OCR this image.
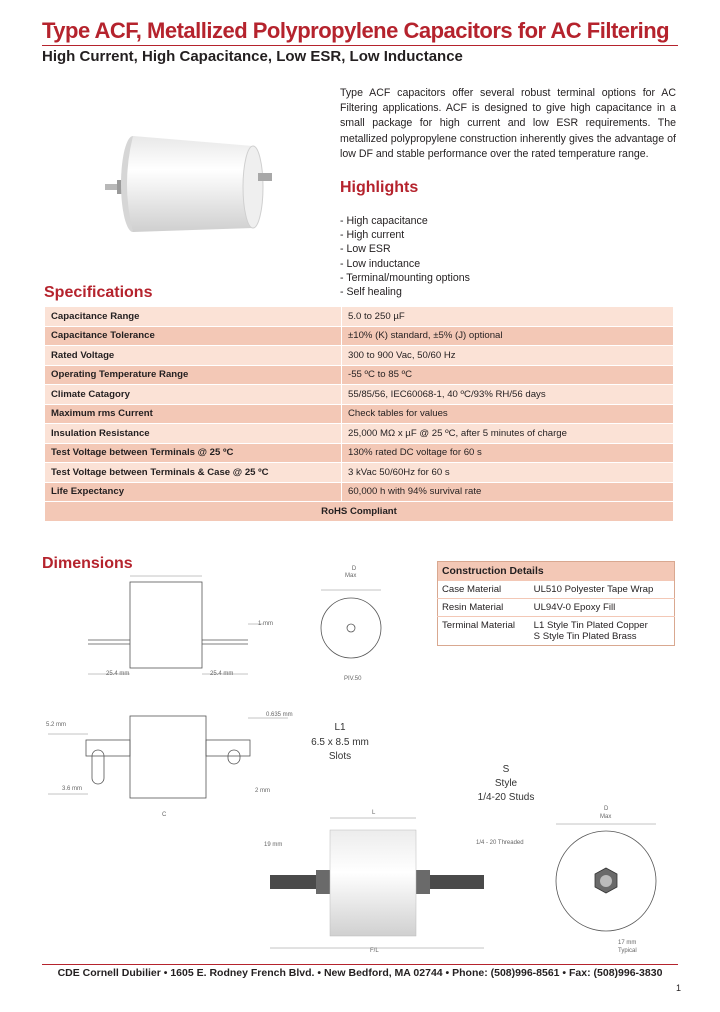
Type ACF, Metallized Polypropylene Capacitors for AC Filtering
High Current, High Capacitance, Low ESR, Low Inductance
Type ACF capacitors offer several robust terminal options for AC Filtering applications. ACF is designed to give high capacitance in a small package for high current and low ESR requirements. The metallized polypropylene construction inherently gives the advantage of low DF and stable performance over the rated temperature range.
Highlights
- High capacitance
- High current
- Low ESR
- Low inductance
- Terminal/mounting options
- Self healing
Specifications
Capacitance Range	5.0 to 250 µF
Capacitance Tolerance	±10% (K) standard, ±5% (J) optional
Rated Voltage	300 to 900 Vac, 50/60 Hz
Operating Temperature Range	-55 ºC to 85 ºC
Climate Catagory	55/85/56, IEC60068-1, 40 ºC/93% RH/56 days
Maximum rms Current	Check tables for values
Insulation Resistance	25,000 MΩ x µF @ 25 ºC, after 5 minutes of charge
Test Voltage between Terminals @ 25 ºC	130% rated DC voltage for 60 s
Test Voltage between Terminals & Case @ 25 ºC	3 kVac 50/60Hz for 60 s
Life Expectancy	60,000 h with 94% survival rate
RoHS Compliant	
Dimensions
25.4 mm	25.4 mm
1 mm
D
Max
PIV.50
Construction Details	
Case Material	UL510 Polyester Tape Wrap
Resin Material	UL94V-0 Epoxy Fill
Terminal Material	L1 Style Tin Plated Copper
S Style Tin Plated Brass
5.2 mm
3.6 mm
0.635 mm
2 mm
C
L1
6.5 x 8.5 mm
Slots
S
Style
1/4-20 Studs
19 mm	1/4 - 20 Threaded
L
F/L
D
Max
17 mm
Typical
CDE Cornell Dubilier • 1605 E. Rodney French Blvd. • New Bedford, MA 02744 • Phone: (508)996-8561 • Fax: (508)996-3830
1
